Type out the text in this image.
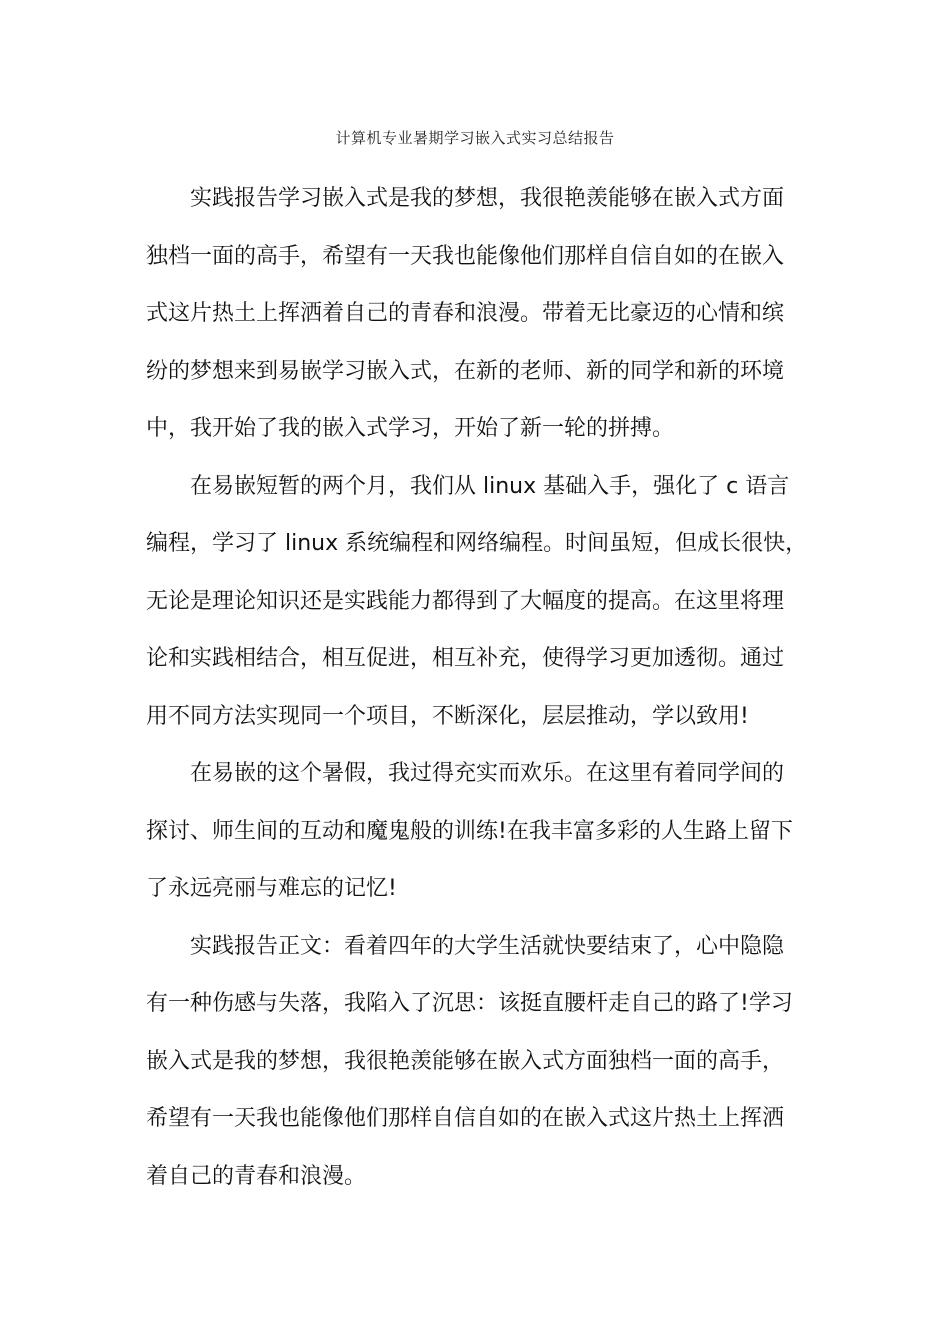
计算机专业暑期学习嵌入式实习总结报告
实践报告学习嵌入式是我的梦想，我很艳羡能够在嵌入式方面
独档一面的高手，希望有一天我也能像他们那样自信自如的在嵌入
式这片热土上挥洒着自己的青春和浪漫。带着无比豪迈的心情和缤
纷的梦想来到易嵌学习嵌入式，在新的老师、新的同学和新的环境
中，我开始了我的嵌入式学习，开始了新一轮的拼搏。
在易嵌短暂的两个月，我们从 linux 基础入手，强化了 c 语言
编程，学习了 linux 系统编程和网络编程。时间虽短，但成长很快，
无论是理论知识还是实践能力都得到了大幅度的提高。在这里将理
论和实践相结合，相互促进，相互补充，使得学习更加透彻。通过
用不同方法实现同一个项目，不断深化，层层推动，学以致用!
在易嵌的这个暑假，我过得充实而欢乐。在这里有着同学间的
探讨、师生间的互动和魔鬼般的训练!在我丰富多彩的人生路上留下
了永远亮丽与难忘的记忆!
实践报告正文：看着四年的大学生活就快要结束了，心中隐隐
有一种伤感与失落，我陷入了沉思：该挺直腰杆走自己的路了!学习
嵌入式是我的梦想，我很艳羡能够在嵌入式方面独档一面的高手，
希望有一天我也能像他们那样自信自如的在嵌入式这片热土上挥洒
着自己的青春和浪漫。
